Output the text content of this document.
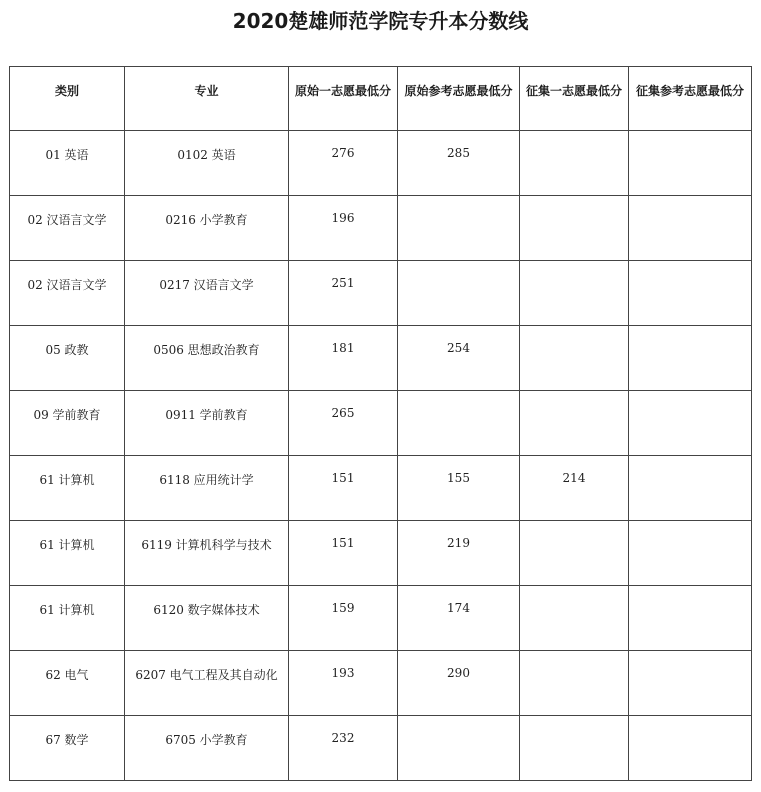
2020楚雄师范学院专升本分数线
类别	专业	原始一志愿最低分	原始参考志愿最低分	征集一志愿最低分	征集参考志愿最低分

01 英语	0102 英语	276	285		

02 汉语言文学	0216 小学教育	196			

02 汉语言文学	0217 汉语言文学	251			

05 政教	0506 思想政治教育	181	254		

09 学前教育	0911 学前教育	265			

61 计算机	6118 应用统计学	151	155	214	

61 计算机	6119 计算机科学与技术	151	219		

61 计算机	6120 数字媒体技术	159	174		

62 电气	6207 电气工程及其自动化	193	290		

67 数学	6705 小学教育	232			
